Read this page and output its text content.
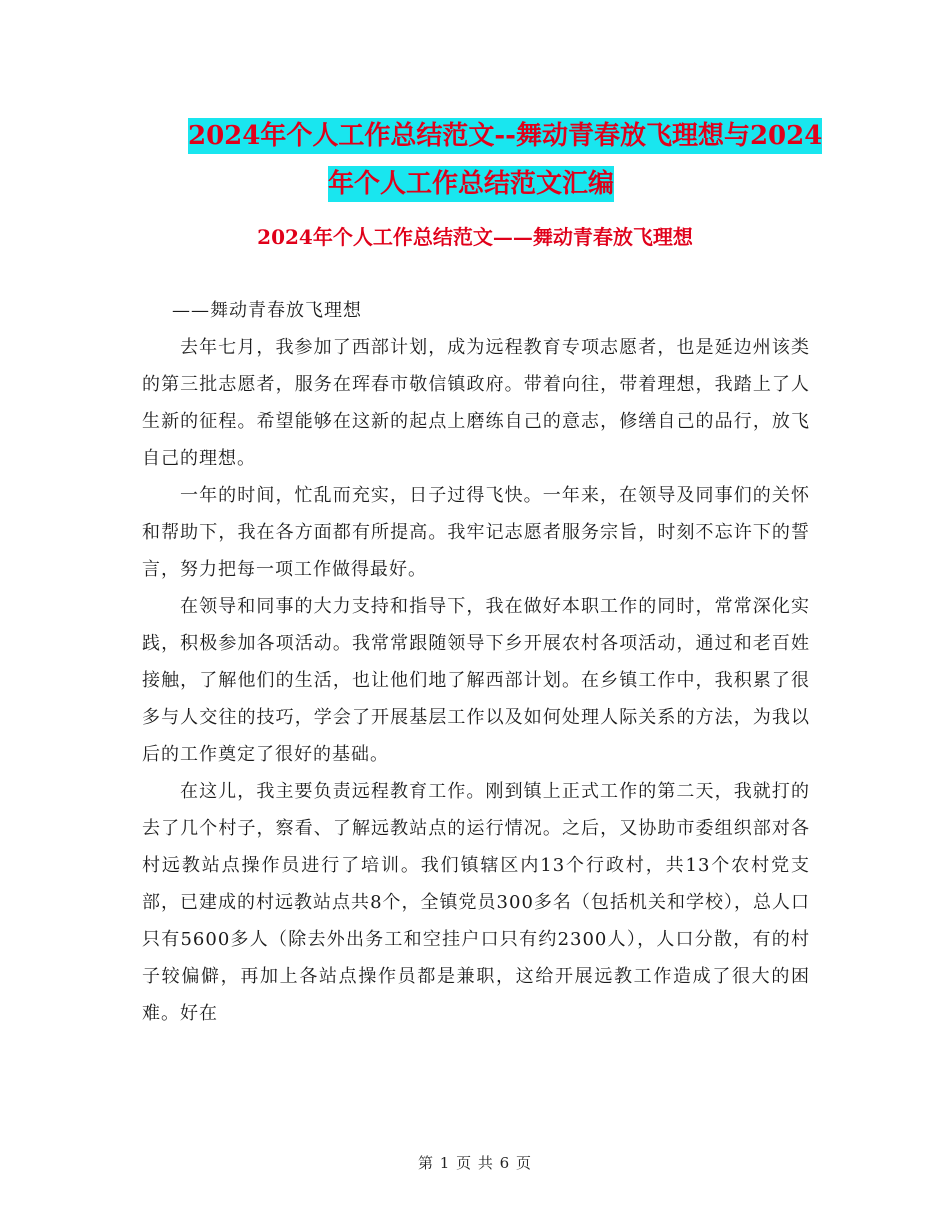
2024年个人工作总结范文--舞动青春放飞理想与2024
年个人工作总结范文汇编
2024年个人工作总结范文——舞动青春放飞理想

——舞动青春放飞理想

去年七月，我参加了西部计划，成为远程教育专项志愿者，也是延边州该类的第三批志愿者，服务在珲春市敬信镇政府。带着向往，带着理想，我踏上了人生新的征程。希望能够在这新的起点上磨练自己的意志，修缮自己的品行，放飞自己的理想。

一年的时间，忙乱而充实，日子过得飞快。一年来，在领导及同事们的关怀和帮助下，我在各方面都有所提高。我牢记志愿者服务宗旨，时刻不忘许下的誓言，努力把每一项工作做得最好。

在领导和同事的大力支持和指导下，我在做好本职工作的同时，常常深化实践，积极参加各项活动。我常常跟随领导下乡开展农村各项活动，通过和老百姓接触，了解他们的生活，也让他们地了解西部计划。在乡镇工作中，我积累了很多与人交往的技巧，学会了开展基层工作以及如何处理人际关系的方法，为我以后的工作奠定了很好的基础。

在这儿，我主要负责远程教育工作。刚到镇上正式工作的第二天，我就打的去了几个村子，察看、了解远教站点的运行情况。之后，又协助市委组织部对各村远教站点操作员进行了培训。我们镇辖区内13个行政村，共13个农村党支部，已建成的村远教站点共8个，全镇党员300多名（包括机关和学校），总人口只有5600多人（除去外出务工和空挂户口只有约2300人），人口分散，有的村子较偏僻，再加上各站点操作员都是兼职，这给开展远教工作造成了很大的困难。好在

第 1 页 共 6 页
